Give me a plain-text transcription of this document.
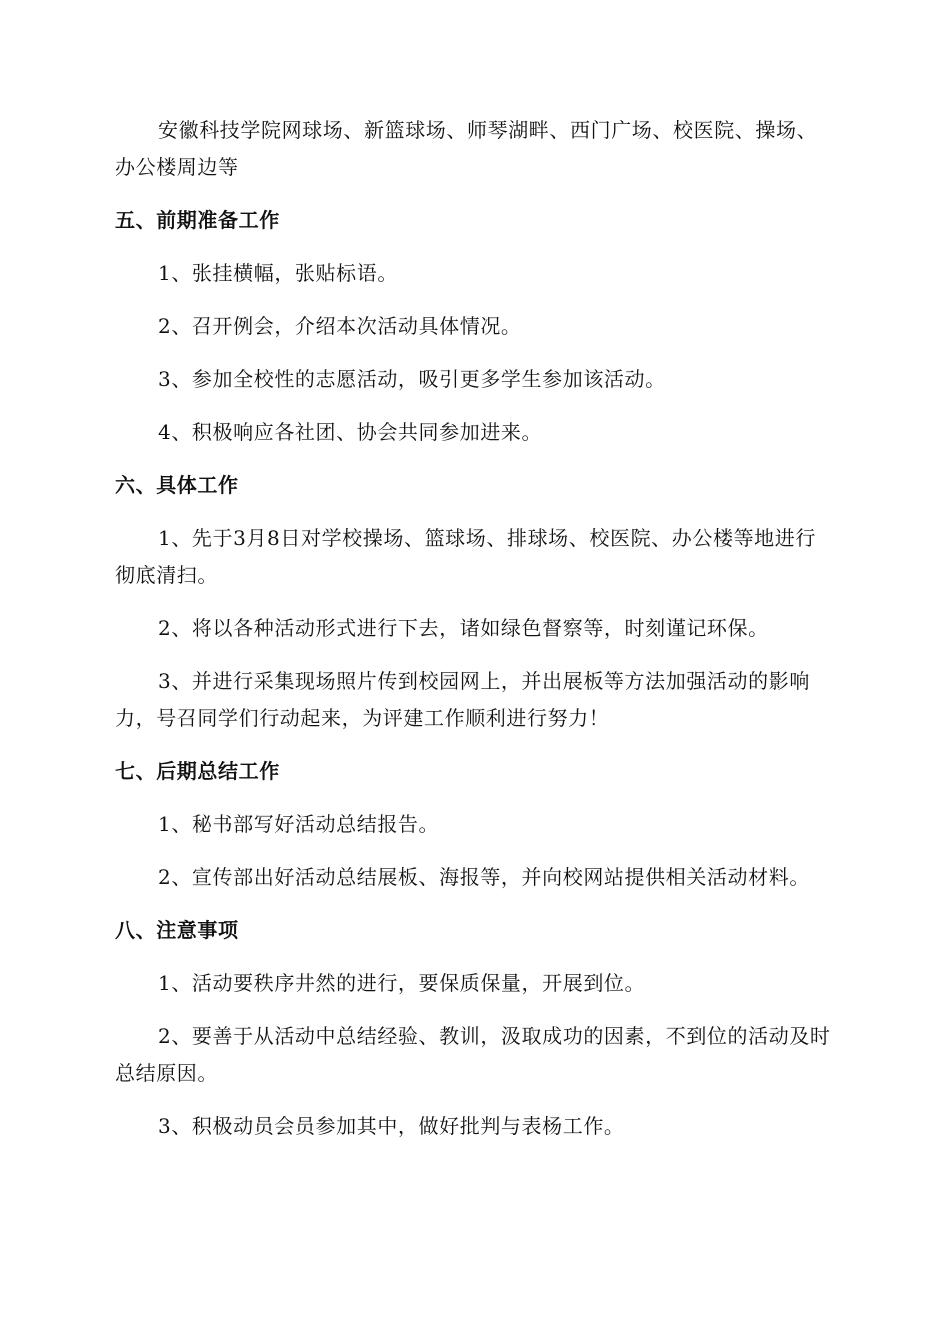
安徽科技学院网球场、新篮球场、师琴湖畔、西门广场、校医院、操场、办公楼周边等

五、前期准备工作

1、张挂横幅，张贴标语。

2、召开例会，介绍本次活动具体情况。

3、参加全校性的志愿活动，吸引更多学生参加该活动。

4、积极响应各社团、协会共同参加进来。

六、具体工作

1、先于3月8日对学校操场、篮球场、排球场、校医院、办公楼等地进行彻底清扫。

2、将以各种活动形式进行下去，诸如绿色督察等，时刻谨记环保。

3、并进行采集现场照片传到校园网上，并出展板等方法加强活动的影响力，号召同学们行动起来，为评建工作顺利进行努力！

七、后期总结工作

1、秘书部写好活动总结报告。

2、宣传部出好活动总结展板、海报等，并向校网站提供相关活动材料。

八、注意事项

1、活动要秩序井然的进行，要保质保量，开展到位。

2、要善于从活动中总结经验、教训，汲取成功的因素，不到位的活动及时总结原因。

3、积极动员会员参加其中，做好批判与表杨工作。
